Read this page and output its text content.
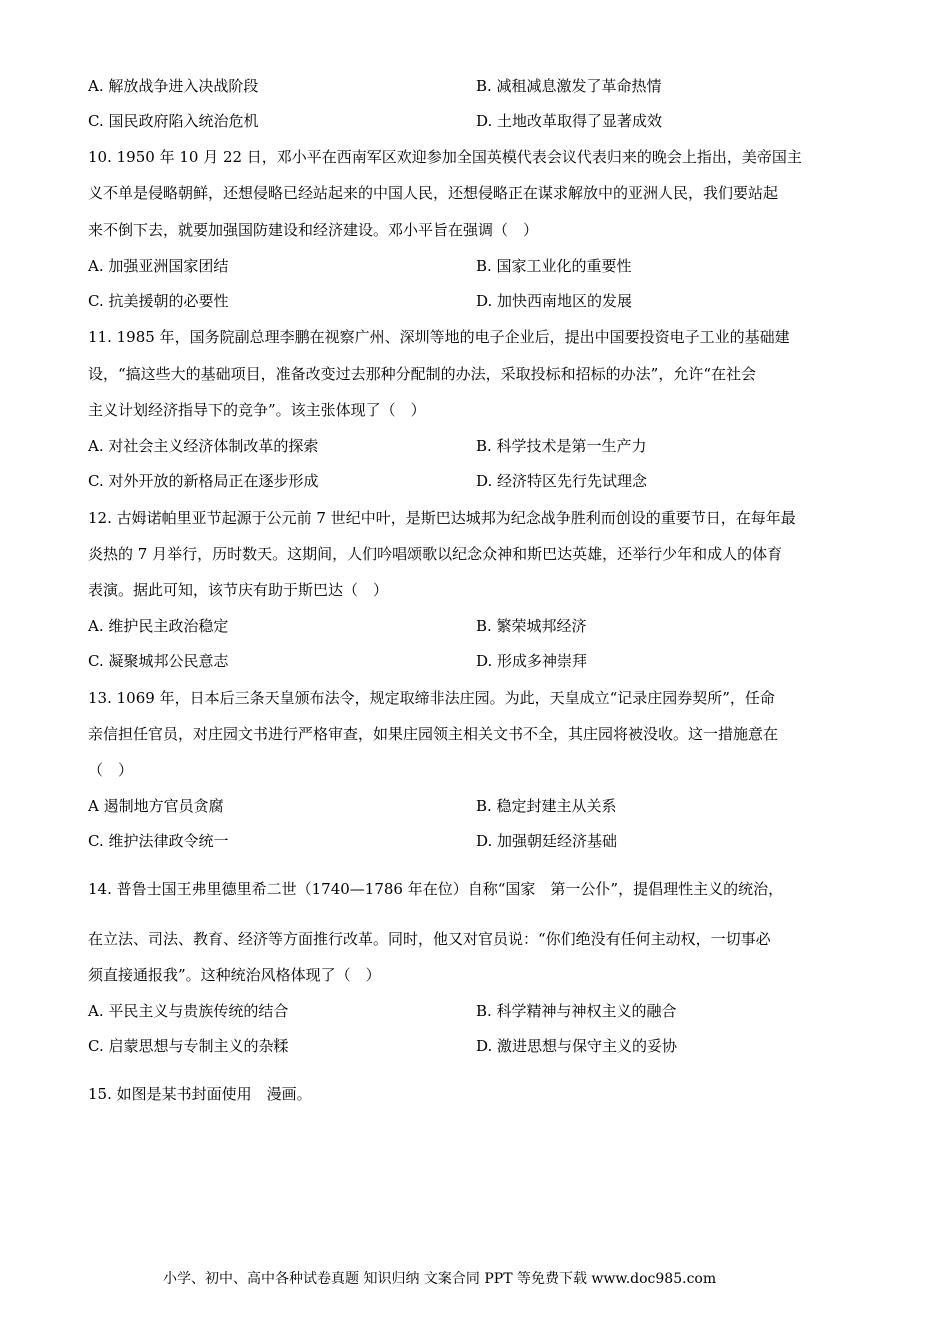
A. 解放战争进入决战阶段	B. 减租减息激发了革命热情
C. 国民政府陷入统治危机	D. 土地改革取得了显著成效
10. 1950 年 10 月 22 日，邓小平在西南军区欢迎参加全国英模代表会议代表归来的晚会上指出，美帝国主
义不单是侵略朝鲜，还想侵略已经站起来的中国人民，还想侵略正在谋求解放中的亚洲人民，我们要站起
来不倒下去，就要加强国防建设和经济建设。邓小平旨在强调（　）
A. 加强亚洲国家团结	B. 国家工业化的重要性
C. 抗美援朝的必要性	D. 加快西南地区的发展
11. 1985 年，国务院副总理李鹏在视察广州、深圳等地的电子企业后，提出中国要投资电子工业的基础建
设，“搞这些大的基础项目，准备改变过去那种分配制的办法，采取投标和招标的办法”，允许“在社会
主义计划经济指导下的竞争”。该主张体现了（　）
A. 对社会主义经济体制改革的探索	B. 科学技术是第一生产力
C. 对外开放的新格局正在逐步形成	D. 经济特区先行先试理念
12. 古姆诺帕里亚节起源于公元前 7 世纪中叶，是斯巴达城邦为纪念战争胜利而创设的重要节日，在每年最
炎热的 7 月举行，历时数天。这期间，人们吟唱颂歌以纪念众神和斯巴达英雄，还举行少年和成人的体育
表演。据此可知，该节庆有助于斯巴达（　）
A. 维护民主政治稳定	B. 繁荣城邦经济
C. 凝聚城邦公民意志	D. 形成多神崇拜
13. 1069 年，日本后三条天皇颁布法令，规定取缔非法庄园。为此，天皇成立“记录庄园券契所”，任命
亲信担任官员，对庄园文书进行严格审查，如果庄园领主相关文书不全，其庄园将被没收。这一措施意在
（　）
A 遏制地方官员贪腐	B. 稳定封建主从关系
C. 维护法律政令统一	D. 加强朝廷经济基础
14. 普鲁士国王弗里德里希二世（1740—1786 年在位）自称“国家　第一公仆”，提倡理性主义的统治，
在立法、司法、教育、经济等方面推行改革。同时，他又对官员说：“你们绝没有任何主动权，一切事必
须直接通报我”。这种统治风格体现了（　）
A. 平民主义与贵族传统的结合	B. 科学精神与神权主义的融合
C. 启蒙思想与专制主义的杂糅	D. 激进思想与保守主义的妥协
15. 如图是某书封面使用　漫画。
小学、初中、高中各种试卷真题 知识归纳 文案合同 PPT 等免费下载 www.doc985.com
